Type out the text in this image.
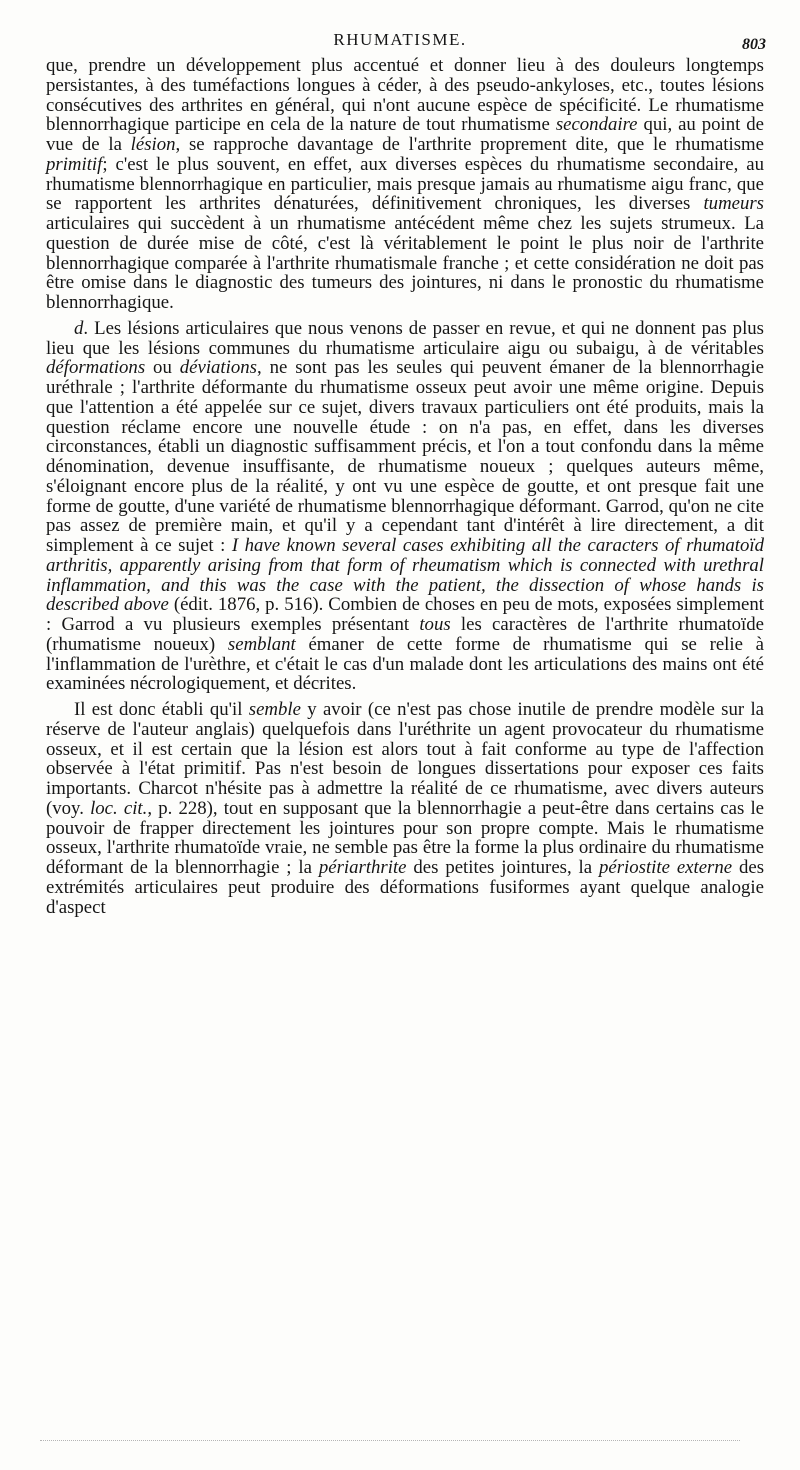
RHUMATISME.	803

que, prendre un développement plus accentué et donner lieu à des douleurs longtemps persistantes, à des tuméfactions longues à céder, à des pseudo-ankyloses, etc., toutes lésions consécutives des arthrites en général, qui n'ont aucune espèce de spécificité. Le rhumatisme blennorrhagique participe en cela de la nature de tout rhumatisme secondaire qui, au point de vue de la lésion, se rapproche davantage de l'arthrite proprement dite, que le rhumatisme primitif; c'est le plus souvent, en effet, aux diverses espèces du rhumatisme secondaire, au rhumatisme blennorrhagique en particulier, mais presque jamais au rhumatisme aigu franc, que se rapportent les arthrites dénaturées, définitivement chroniques, les diverses tumeurs articulaires qui succèdent à un rhumatisme antécédent même chez les sujets strumeux. La question de durée mise de côté, c'est là véritablement le point le plus noir de l'arthrite blennorrhagique comparée à l'arthrite rhumatismale franche ; et cette considération ne doit pas être omise dans le diagnostic des tumeurs des jointures, ni dans le pronostic du rhumatisme blennorrhagique.

d. Les lésions articulaires que nous venons de passer en revue, et qui ne donnent pas plus lieu que les lésions communes du rhumatisme articulaire aigu ou subaigu, à de véritables déformations ou déviations, ne sont pas les seules qui peuvent émaner de la blennorrhagie uréthrale ; l'arthrite déformante du rhumatisme osseux peut avoir une même origine. Depuis que l'attention a été appelée sur ce sujet, divers travaux particuliers ont été produits, mais la question réclame encore une nouvelle étude : on n'a pas, en effet, dans les diverses circonstances, établi un diagnostic suffisamment précis, et l'on a tout confondu dans la même dénomination, devenue insuffisante, de rhumatisme noueux ; quelques auteurs même, s'éloignant encore plus de la réalité, y ont vu une espèce de goutte, et ont presque fait une forme de goutte, d'une variété de rhumatisme blennorrhagique déformant. Garrod, qu'on ne cite pas assez de première main, et qu'il y a cependant tant d'intérêt à lire directement, a dit simplement à ce sujet : I have known several cases exhibiting all the caracters of rhumatoïd arthritis, apparently arising from that form of rheumatism which is connected with urethral inflammation, and this was the case with the patient, the dissection of whose hands is described above (édit. 1876, p. 516). Combien de choses en peu de mots, exposées simplement : Garrod a vu plusieurs exemples présentant tous les caractères de l'arthrite rhumatoïde (rhumatisme noueux) semblant émaner de cette forme de rhumatisme qui se relie à l'inflammation de l'urèthre, et c'était le cas d'un malade dont les articulations des mains ont été examinées nécrologiquement, et décrites.

Il est donc établi qu'il semble y avoir (ce n'est pas chose inutile de prendre modèle sur la réserve de l'auteur anglais) quelquefois dans l'uréthrite un agent provocateur du rhumatisme osseux, et il est certain que la lésion est alors tout à fait conforme au type de l'affection observée à l'état primitif. Pas n'est besoin de longues dissertations pour exposer ces faits importants. Charcot n'hésite pas à admettre la réalité de ce rhumatisme, avec divers auteurs (voy. loc. cit., p. 228), tout en supposant que la blennorrhagie a peut-être dans certains cas le pouvoir de frapper directement les jointures pour son propre compte. Mais le rhumatisme osseux, l'arthrite rhumatoïde vraie, ne semble pas être la forme la plus ordinaire du rhumatisme déformant de la blennorrhagie ; la périarthrite des petites jointures, la périostite externe des extrémités articulaires peut produire des déformations fusiformes ayant quelque analogie d'aspect
